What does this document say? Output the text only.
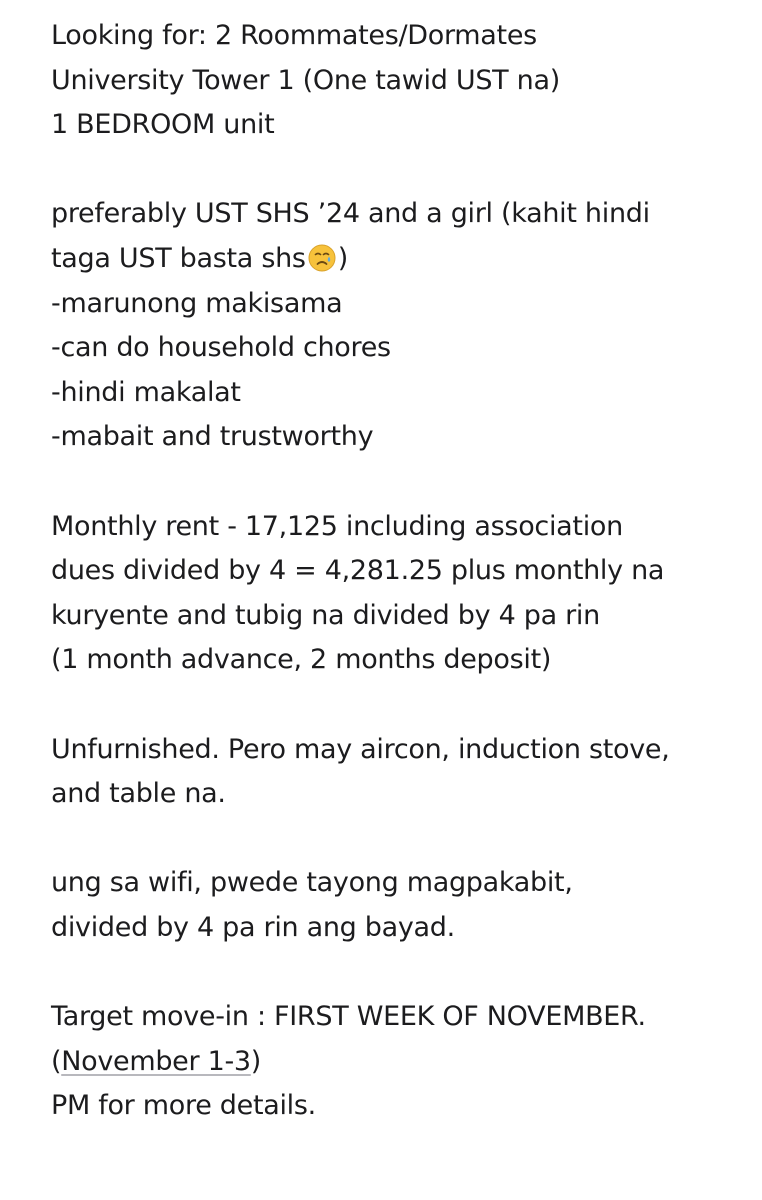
Looking for: 2 Roommates/Dormates
University Tower 1 (One tawid UST na)
1 BEDROOM unit
preferably UST SHS ’24 and a girl (kahit hindi
taga UST basta shs )
-marunong makisama
-can do household chores
-hindi makalat
-mabait and trustworthy
Monthly rent - 17,125 including association
dues divided by 4 = 4,281.25 plus monthly na
kuryente and tubig na divided by 4 pa rin
(1 month advance, 2 months deposit)
Unfurnished. Pero may aircon, induction stove,
and table na.
ung sa wifi, pwede tayong magpakabit,
divided by 4 pa rin ang bayad.
Target move-in : FIRST WEEK OF NOVEMBER.
(November 1-3)
PM for more details.
